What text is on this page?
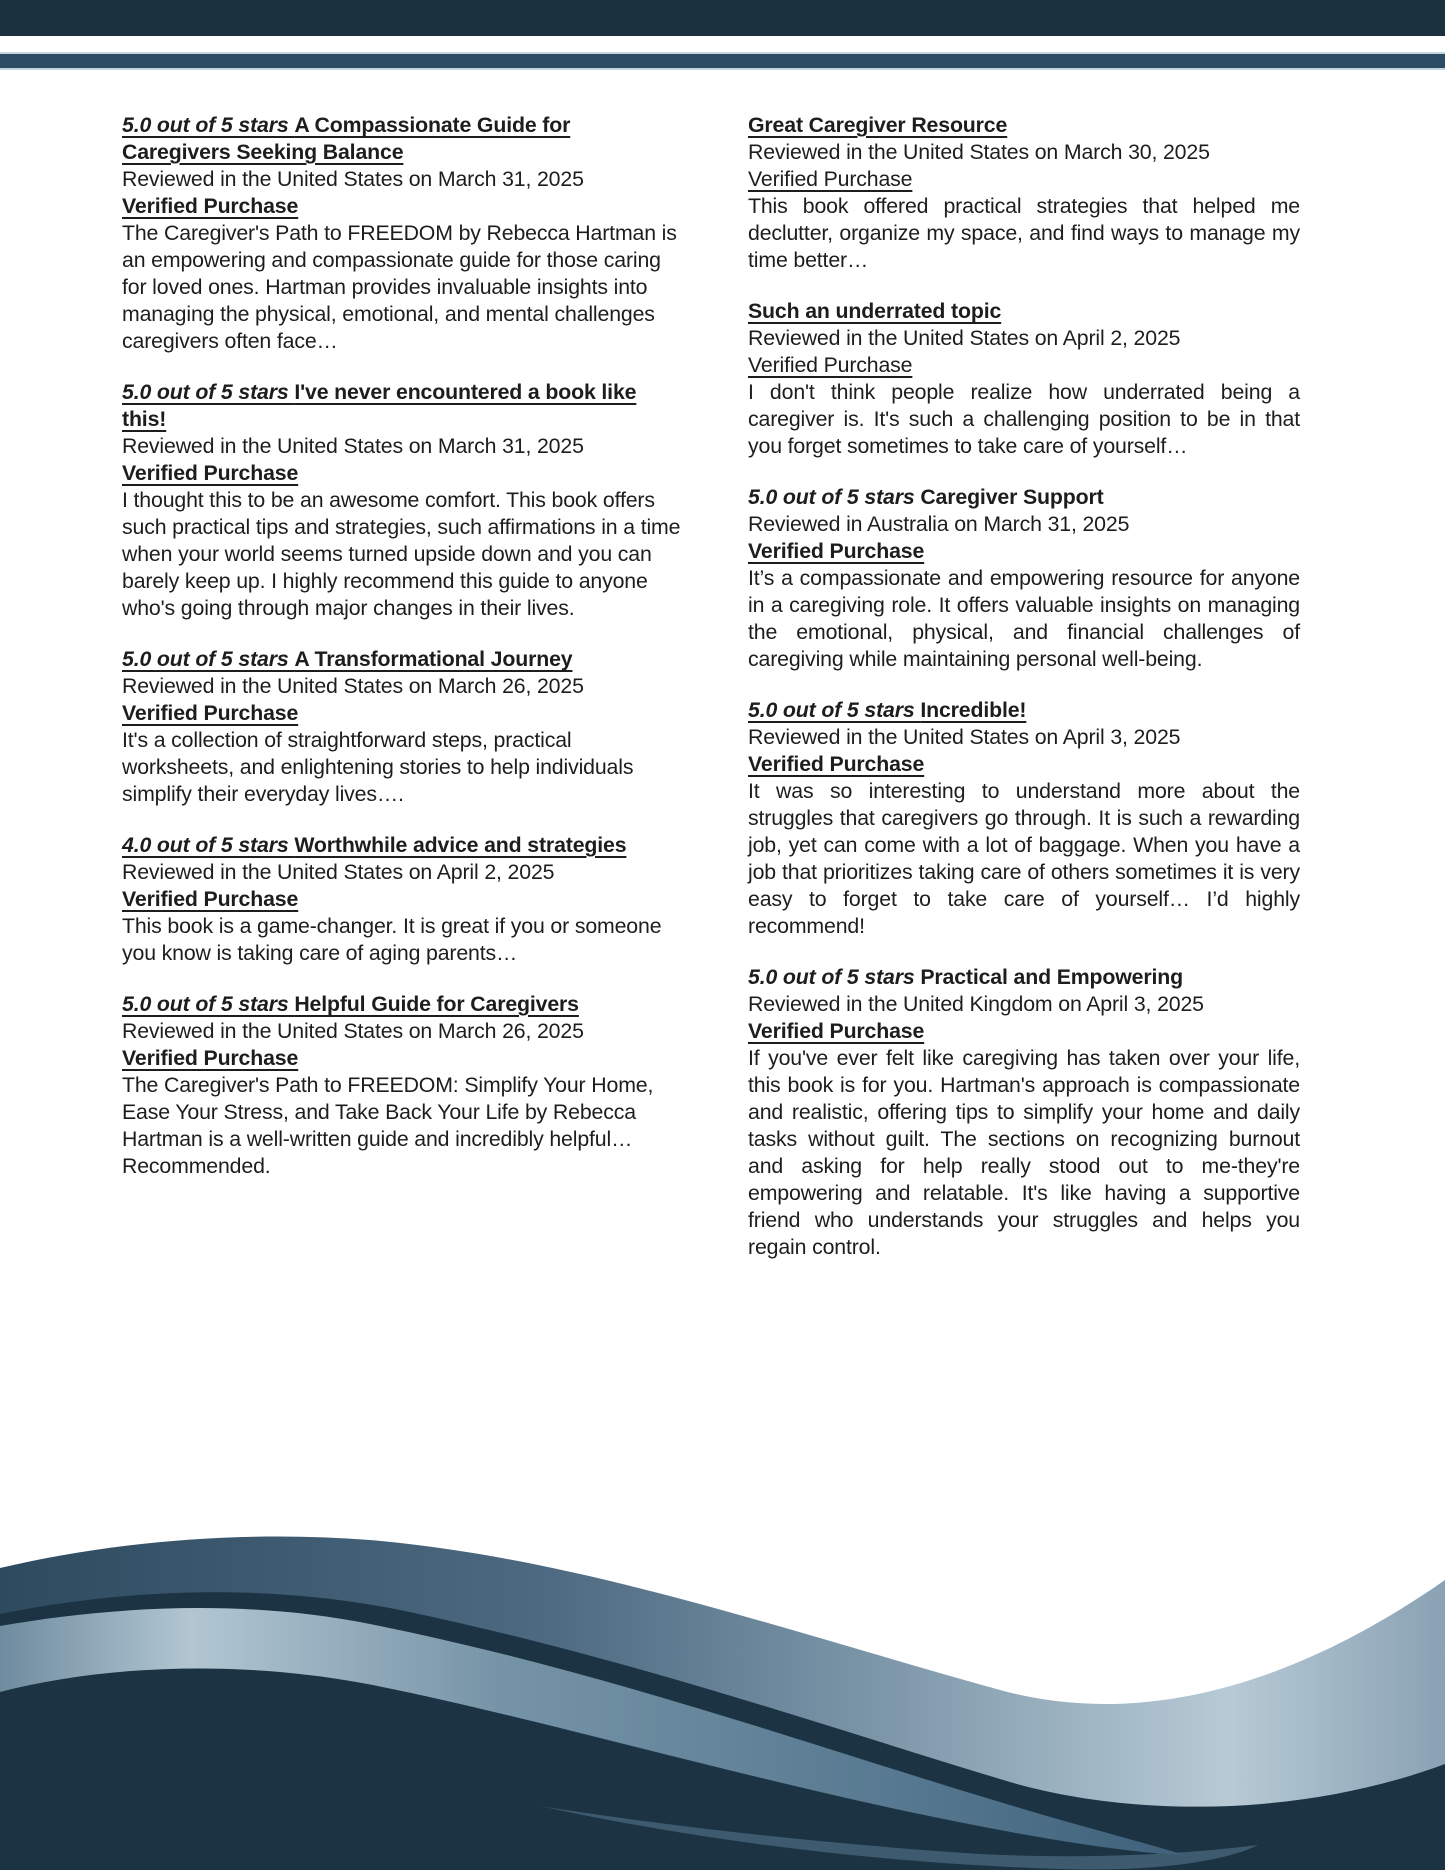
5.0 out of 5 stars A Compassionate Guide for Caregivers Seeking Balance
Reviewed in the United States on March 31, 2025
Verified Purchase
The Caregiver's Path to FREEDOM by Rebecca Hartman is an empowering and compassionate guide for those caring for loved ones. Hartman provides invaluable insights into managing the physical, emotional, and mental challenges caregivers often face…
5.0 out of 5 stars I've never encountered a book like this!
Reviewed in the United States on March 31, 2025
Verified Purchase
I thought this to be an awesome comfort. This book offers such practical tips and strategies, such affirmations in a time when your world seems turned upside down and you can barely keep up. I highly recommend this guide to anyone who's going through major changes in their lives.
5.0 out of 5 stars A Transformational Journey
Reviewed in the United States on March 26, 2025
Verified Purchase
It's a collection of straightforward steps, practical worksheets, and enlightening stories to help individuals simplify their everyday lives….
4.0 out of 5 stars Worthwhile advice and strategies
Reviewed in the United States on April 2, 2025
Verified Purchase
This book is a game-changer. It is great if you or someone you know is taking care of aging parents…
5.0 out of 5 stars Helpful Guide for Caregivers
Reviewed in the United States on March 26, 2025
Verified Purchase
The Caregiver's Path to FREEDOM: Simplify Your Home, Ease Your Stress, and Take Back Your Life by Rebecca Hartman is a well-written guide and incredibly helpful… Recommended.
Great Caregiver Resource
Reviewed in the United States on March 30, 2025
Verified Purchase
This book offered practical strategies that helped me declutter, organize my space, and find ways to manage my time better…
Such an underrated topic
Reviewed in the United States on April 2, 2025
Verified Purchase
I don't think people realize how underrated being a caregiver is. It's such a challenging position to be in that you forget sometimes to take care of yourself…
5.0 out of 5 stars Caregiver Support
Reviewed in Australia on March 31, 2025
Verified Purchase
It’s a compassionate and empowering resource for anyone in a caregiving role. It offers valuable insights on managing the emotional, physical, and financial challenges of caregiving while maintaining personal well-being.
5.0 out of 5 stars Incredible!
Reviewed in the United States on April 3, 2025
Verified Purchase
It was so interesting to understand more about the struggles that caregivers go through. It is such a rewarding job, yet can come with a lot of baggage. When you have a job that prioritizes taking care of others sometimes it is very easy to forget to take care of yourself… I’d highly recommend!
5.0 out of 5 stars Practical and Empowering
Reviewed in the United Kingdom on April 3, 2025
Verified Purchase
If you've ever felt like caregiving has taken over your life, this book is for you. Hartman's approach is compassionate and realistic, offering tips to simplify your home and daily tasks without guilt. The sections on recognizing burnout and asking for help really stood out to me-they're empowering and relatable. It's like having a supportive friend who understands your struggles and helps you regain control.
